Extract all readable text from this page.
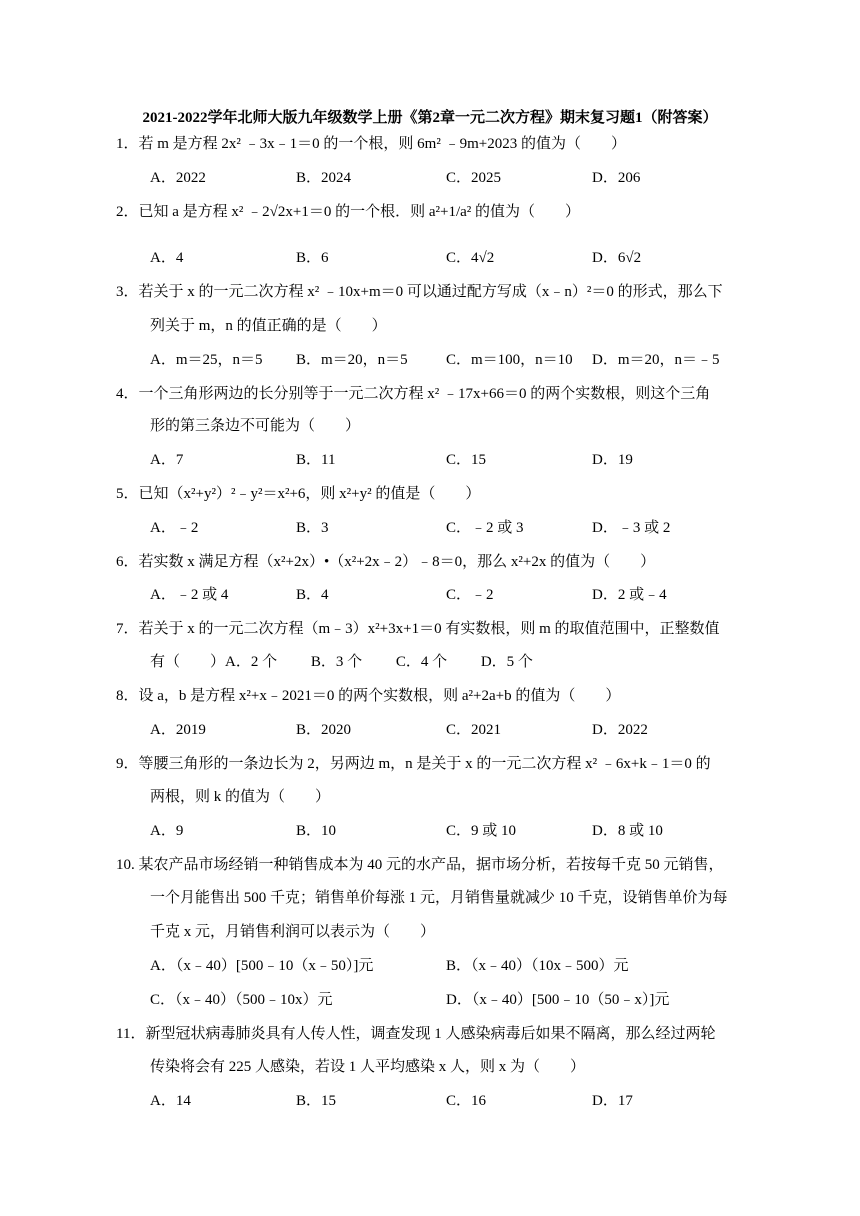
2021-2022学年北师大版九年级数学上册《第2章一元二次方程》期末复习题1（附答案）
1．若 m 是方程 2x² ﹣3x﹣1＝0 的一个根，则 6m² ﹣9m+2023 的值为（　　）
A．2022	B．2024	C．2025	D．206
2．已知 a 是方程 x² ﹣2√2x+1＝0 的一个根．则 a²+1/a² 的值为（　　）
A．4	B．6	C．4√2	D．6√2
3．若关于 x 的一元二次方程 x² ﹣10x+m＝0 可以通过配方写成（x﹣n）²＝0 的形式，那么下
列关于 m，n 的值正确的是（　　）
A．m＝25，n＝5 B．m＝20，n＝5	C．m＝100，n＝10 D．m＝20，n＝﹣5
4．一个三角形两边的长分别等于一元二次方程 x² ﹣17x+66＝0 的两个实数根，则这个三角
形的第三条边不可能为（　　）
A．7	B．11	C．15	D．19
5．已知（x²+y²）²﹣y²＝x²+6，则 x²+y² 的值是（　　）
A．﹣2	B．3	C．﹣2 或 3	D．﹣3 或 2
6．若实数 x 满足方程（x²+2x）•（x²+2x﹣2）﹣8＝0，那么 x²+2x 的值为（　　）
A．﹣2 或 4	B．4	C．﹣2	D．2 或﹣4
7．若关于 x 的一元二次方程（m﹣3）x²+3x+1＝0 有实数根，则 m 的取值范围中，正整数值
有（　　）A．2 个　　 B．3 个　　 C．4 个　　 D．5 个
8．设 a，b 是方程 x²+x﹣2021＝0 的两个实数根，则 a²+2a+b 的值为（　　）
A．2019	B．2020	C．2021	D．2022
9．等腰三角形的一条边长为 2，另两边 m，n 是关于 x 的一元二次方程 x² ﹣6x+k﹣1＝0 的
两根，则 k 的值为（　　）
A．9	B．10	C．9 或 10	D．8 或 10
10. 某农产品市场经销一种销售成本为 40 元的水产品，据市场分析，若按每千克 50 元销售，
一个月能售出 500 千克；销售单价每涨 1 元，月销售量就减少 10 千克，设销售单价为每
千克 x 元，月销售利润可以表示为（　　）
A．（x﹣40）[500﹣10（x﹣50）]元	B．（x﹣40）（10x﹣500）元
C．（x﹣40）（500﹣10x）元	D．（x﹣40）[500﹣10（50﹣x）]元
11．新型冠状病毒肺炎具有人传人性，调查发现 1 人感染病毒后如果不隔离，那么经过两轮
传染将会有 225 人感染，若设 1 人平均感染 x 人，则 x 为（　　）
A．14	B．15	C．16	D．17
